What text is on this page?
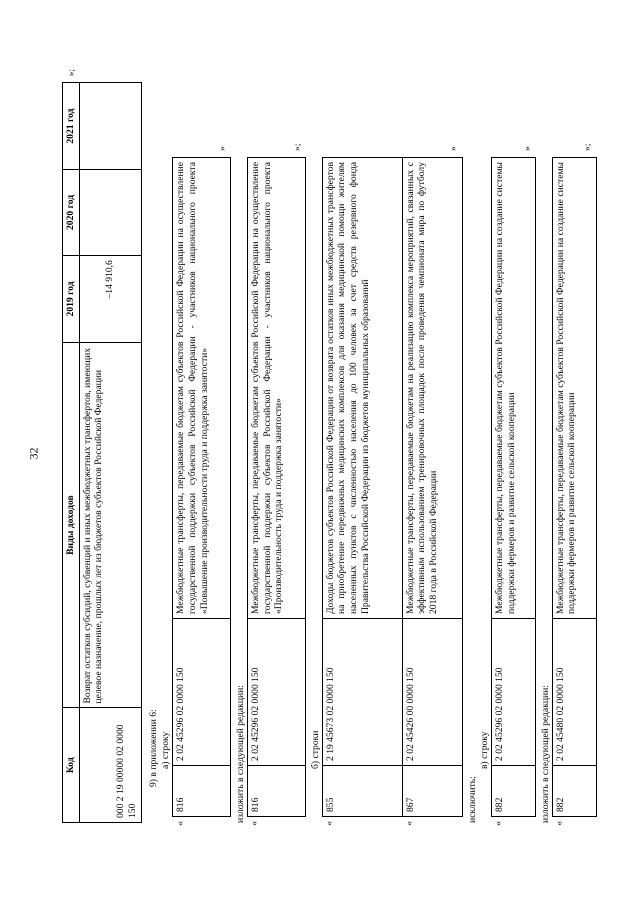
32
Код	Виды доходов	2019 год	2020 год	2021 год	»;
000 2 19 00000 02 0000 150	Возврат остатков субсидий, субвенций и иных межбюджетных трансфертов, имеющих целевое назначение, прошлых лет из бюджетов субъектов Российской Федерации	–14 910,6			
9) в приложении 6: а) строку
«	816	2 02 45296 02 0000 150	Межбюджетные трансферты, передаваемые бюджетам субъектов Российской Федерации на осуществление государственной поддержки субъектов Российской Федерации - участников национального проекта «Повышение производительности труда и поддержка занятости»	»
изложить в следующей редакции:
«	816	2 02 45296 02 0000 150	Межбюджетные трансферты, передаваемые бюджетам субъектов Российской Федерации на осуществление государственной поддержки субъектов Российской Федерации - участников национального проекта «Производительность труда и поддержка занятости»	»;
б) строки
«	855	2 19 45673 02 0000 150	Доходы бюджетов субъектов Российской Федерации от возврата остатков иных межбюджетных трансфертов на приобретение передвижных медицинских комплексов для оказания медицинской помощи жителям населенных пунктов с численностью населения до 100 человек за счет средств резервного фонда Правительства Российской Федерации из бюджетов муниципальных образований	
«	867	2 02 45426 00 0000 150	Межбюджетные трансферты, передаваемые бюджетам на реализацию комплекса мероприятий, связанных с эффективным использованием тренировочных площадок после проведения чемпионата мира по футболу 2018 года в Российской Федерации	»
исключить;
в) строку
«	882	2 02 45296 02 0000 150	Межбюджетные трансферты, передаваемые бюджетам субъектов Российской Федерации на создание системы поддержки фермеров и развитие сельской кооперации	»
изложить в следующей редакции:
«	882	2 02 45480 02 0000 150	Межбюджетные трансферты, передаваемые бюджетам субъектов Российской Федерации на создание системы поддержки фермеров и развитие сельской кооперации	»;
